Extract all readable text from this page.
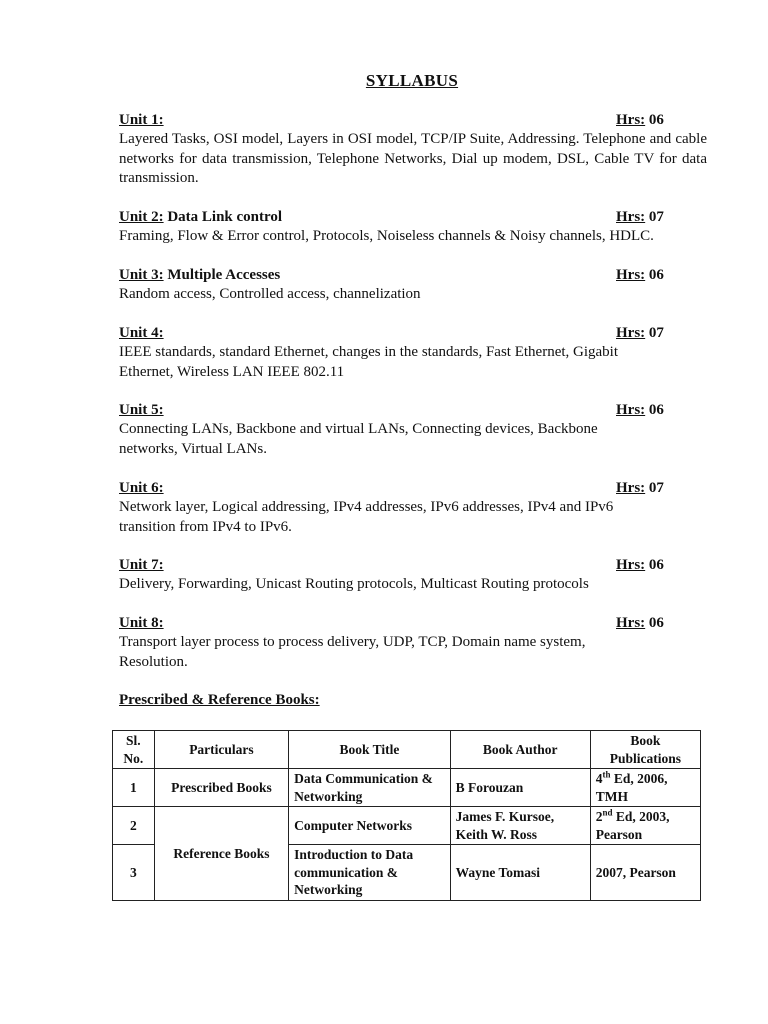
SYLLABUS
Unit 1:	Hrs: 06
Layered Tasks, OSI model, Layers in OSI model, TCP/IP Suite, Addressing. Telephone and cable networks for data transmission, Telephone Networks, Dial up modem, DSL, Cable TV for data transmission.
Unit 2: Data Link control	Hrs: 07
Framing, Flow & Error control, Protocols, Noiseless channels & Noisy channels, HDLC.
Unit 3: Multiple Accesses	Hrs: 06
Random access, Controlled access, channelization
Unit 4:	Hrs: 07
IEEE standards, standard Ethernet, changes in the standards, Fast Ethernet, Gigabit Ethernet, Wireless LAN IEEE 802.11
Unit 5:	Hrs: 06
Connecting LANs, Backbone and virtual LANs, Connecting devices, Backbone networks, Virtual LANs.
Unit 6:	Hrs: 07
Network layer, Logical addressing, IPv4 addresses, IPv6 addresses, IPv4 and IPv6 transition from IPv4 to IPv6.
Unit 7:	Hrs: 06
Delivery, Forwarding, Unicast Routing protocols, Multicast Routing protocols
Unit 8:	Hrs: 06
Transport layer process to process delivery, UDP, TCP, Domain name system, Resolution.
Prescribed & Reference Books:
Sl. No.	Particulars	Book Title	Book Author	Book Publications
1	Prescribed Books	Data Communication & Networking	B Forouzan	4th Ed, 2006, TMH
2	Reference Books	Computer Networks	James F. Kursoe, Keith W. Ross	2nd Ed, 2003, Pearson
3		Introduction to Data communication & Networking	Wayne Tomasi	2007, Pearson
